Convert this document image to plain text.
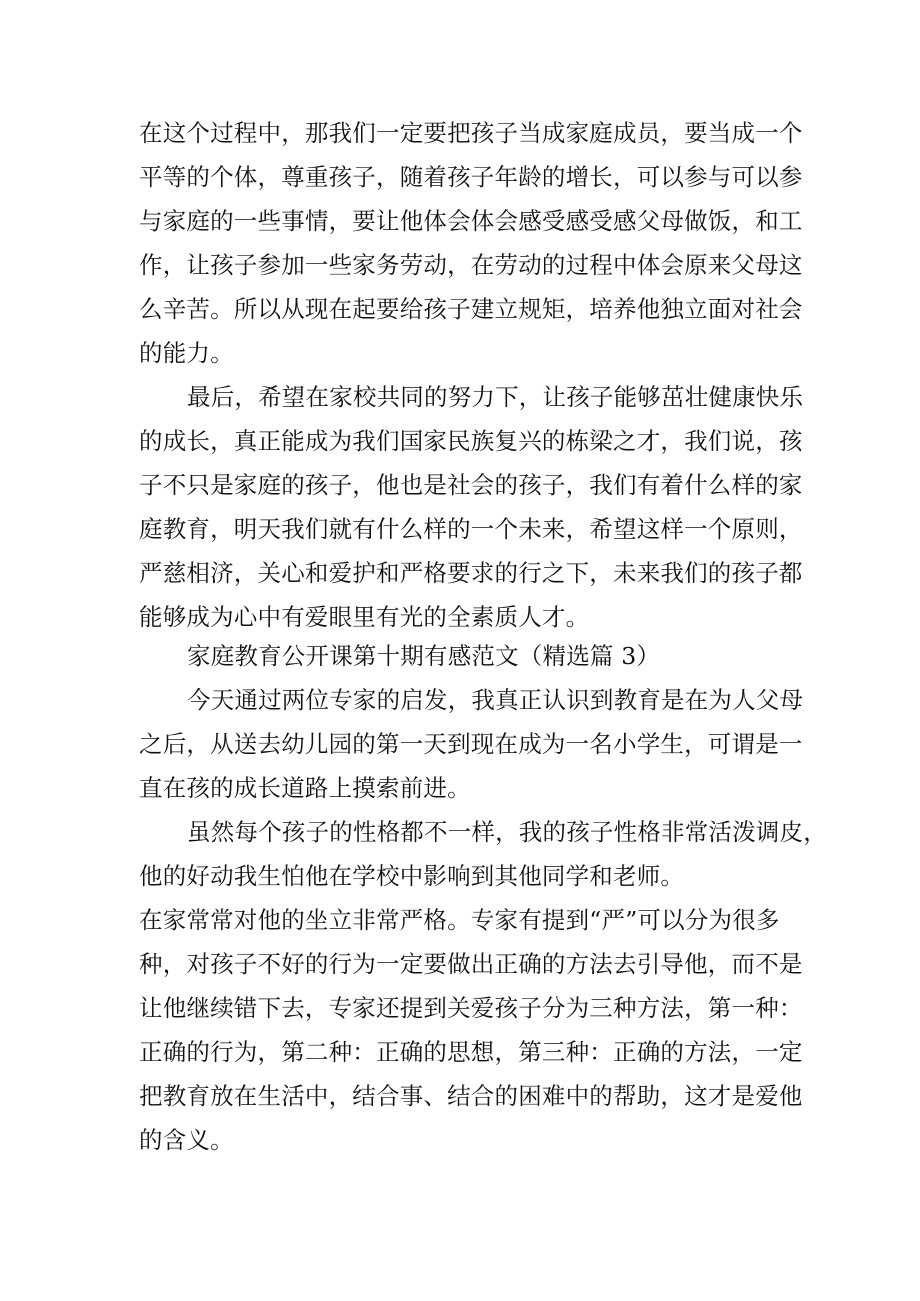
在这个过程中，那我们一定要把孩子当成家庭成员，要当成一个
平等的个体，尊重孩子，随着孩子年龄的增长，可以参与可以参
与家庭的一些事情，要让他体会体会感受感受感父母做饭，和工
作，让孩子参加一些家务劳动，在劳动的过程中体会原来父母这
么辛苦。所以从现在起要给孩子建立规矩，培养他独立面对社会
的能力。
最后，希望在家校共同的努力下，让孩子能够茁壮健康快乐
的成长，真正能成为我们国家民族复兴的栋梁之才，我们说，孩
子不只是家庭的孩子，他也是社会的孩子，我们有着什么样的家
庭教育，明天我们就有什么样的一个未来，希望这样一个原则，
严慈相济，关心和爱护和严格要求的行之下，未来我们的孩子都
能够成为心中有爱眼里有光的全素质人才。
家庭教育公开课第十期有感范文（精选篇 3）
今天通过两位专家的启发，我真正认识到教育是在为人父母
之后，从送去幼儿园的第一天到现在成为一名小学生，可谓是一
直在孩的成长道路上摸索前进。
虽然每个孩子的性格都不一样，我的孩子性格非常活泼调皮，
他的好动我生怕他在学校中影响到其他同学和老师。
在家常常对他的坐立非常严格。专家有提到“严”可以分为很多
种，对孩子不好的行为一定要做出正确的方法去引导他，而不是
让他继续错下去，专家还提到关爱孩子分为三种方法，第一种：
正确的行为，第二种：正确的思想，第三种：正确的方法，一定
把教育放在生活中，结合事、结合的困难中的帮助，这才是爱他
的含义。
